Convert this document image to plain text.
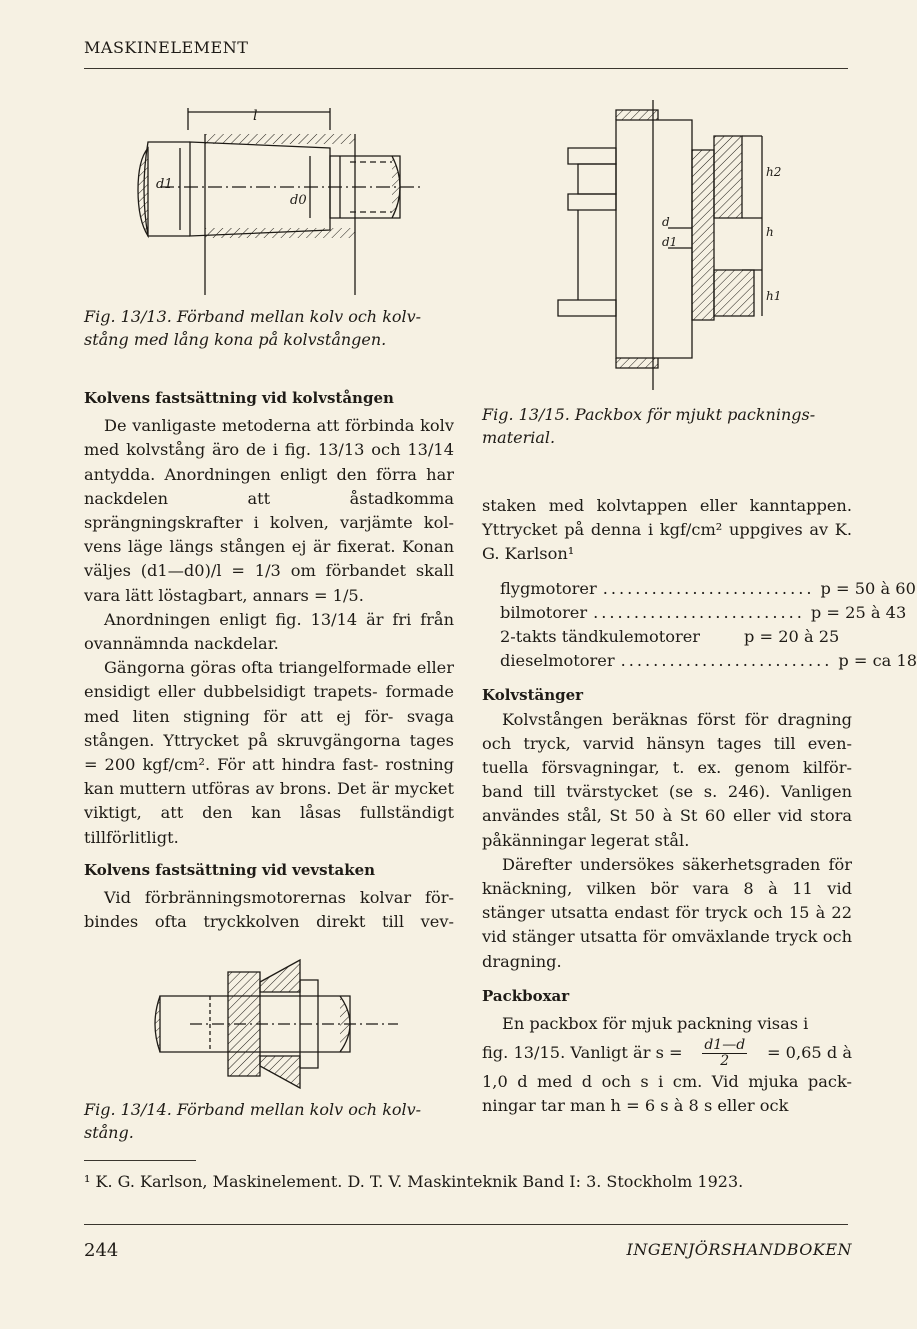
MASKINELEMENT
l
d1
d0
Fig. 13/13. Förband mellan kolv och kolv- stång med lång kona på kolvstången.
h2
h
h1
d
d1
Fig. 13/15. Packbox för mjukt packnings- material.

Kolvens fastsättning vid kolvstången

De vanligaste metoderna att förbinda kolv med kolvstång äro de i fig. 13/13 och 13/14 antydda. Anordningen enligt den förra har nackdelen att åstadkomma sprängningskrafter i kolven, varjämte kol- vens läge längs stången ej är fixerat. Konan väljes (d1—d0)/l = 1/3 om förbandet skall vara lätt löstagbart, annars = 1/5.

Anordningen enligt fig. 13/14 är fri från ovannämnda nackdelar.

Gängorna göras ofta triangelformade eller ensidigt eller dubbelsidigt trapets- formade med liten stigning för att ej för- svaga stången. Yttrycket på skruvgängorna tages = 200 kgf/cm². För att hindra fast- rostning kan muttern utföras av brons. Det är mycket viktigt, att den kan låsas fullständigt tillförlitligt.

Kolvens fastsättning vid vevstaken

Vid förbränningsmotorernas kolvar för- bindes ofta tryckkolven direkt till vev-

Fig. 13/14. Förband mellan kolv och kolv- stång.

staken med kolvtappen eller kanntappen. Yttrycket på denna i kgf/cm² uppgives av K. G. Karlson¹

flygmotorer .......................... p = 50 à 60
bilmotorer .......................... p = 25 à 43
2-takts tändkulemotorer	p = 20 à 25
dieselmotorer .......................... p = ca 18

Kolvstänger

Kolvstången beräknas först för dragning och tryck, varvid hänsyn tages till even- tuella försvagningar, t. ex. genom kilför- band till tvärstycket (se s. 246). Vanligen användes stål, St 50 à St 60 eller vid stora påkänningar legerat stål.

Därefter undersökes säkerhetsgraden för knäckning, vilken bör vara 8 à 11 vid stänger utsatta endast för tryck och 15 à 22 vid stänger utsatta för omväxlande tryck och dragning.

Packboxar

En packbox för mjuk packning visas i

fig. 13/15. Vanligt är $s = \frac{d1—d}{2} = 0,65$ d à

1,0 d med d och s i cm. Vid mjuka pack- ningar tar man h = 6 s à 8 s eller ock

¹ K. G. Karlson, Maskinelement. D. T. V. Maskinteknik Band I: 3. Stockholm 1923.
244	INGENJÖRSHANDBOKEN
